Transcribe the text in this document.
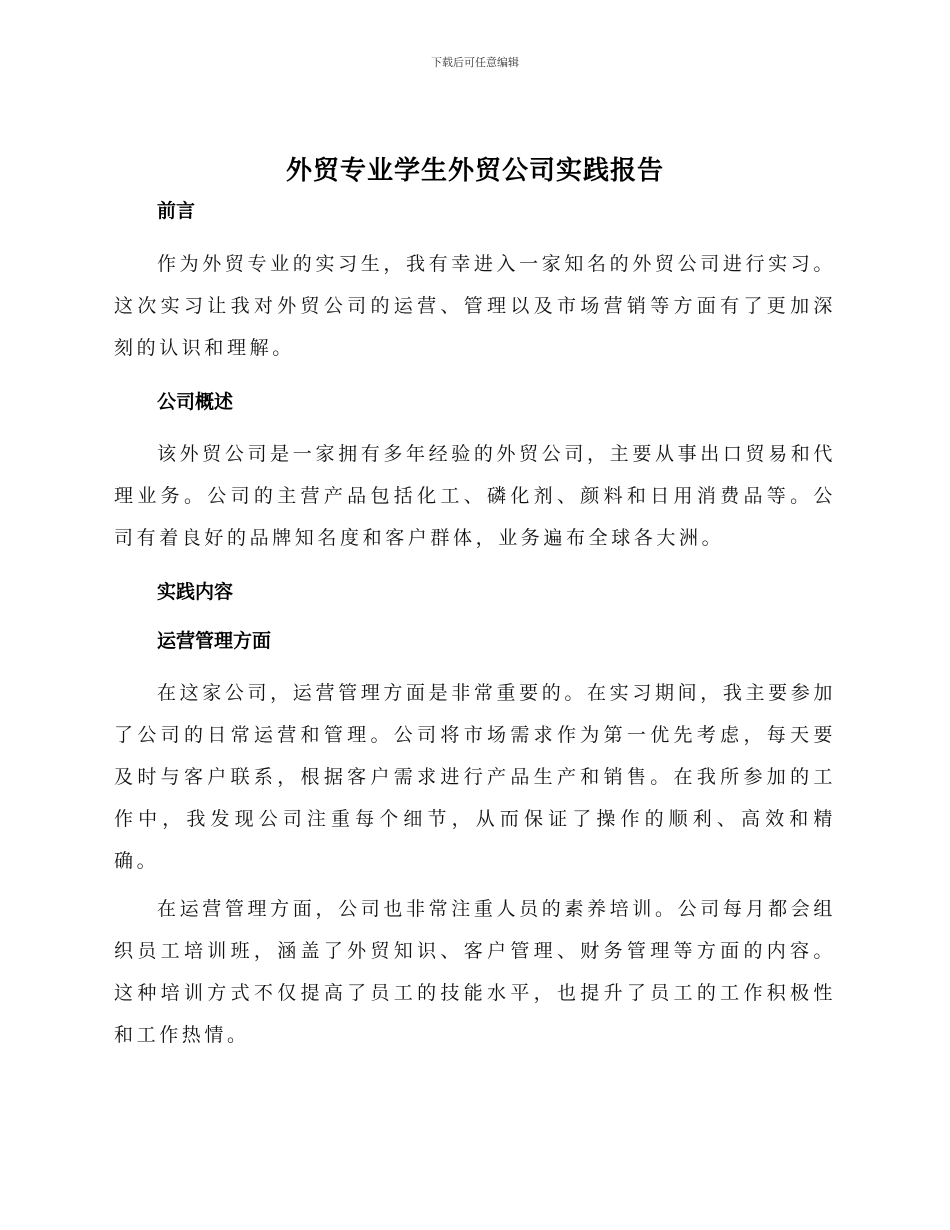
下载后可任意编辑
外贸专业学生外贸公司实践报告
前言

作为外贸专业的实习生，我有幸进入一家知名的外贸公司进行实习。这次实习让我对外贸公司的运营、管理以及市场营销等方面有了更加深刻的认识和理解。

公司概述

该外贸公司是一家拥有多年经验的外贸公司，主要从事出口贸易和代理业务。公司的主营产品包括化工、磷化剂、颜料和日用消费品等。公司有着良好的品牌知名度和客户群体，业务遍布全球各大洲。

实践内容
运营管理方面

在这家公司，运营管理方面是非常重要的。在实习期间，我主要参加了公司的日常运营和管理。公司将市场需求作为第一优先考虑，每天要及时与客户联系，根据客户需求进行产品生产和销售。在我所参加的工作中，我发现公司注重每个细节，从而保证了操作的顺利、高效和精确。

在运营管理方面，公司也非常注重人员的素养培训。公司每月都会组织员工培训班，涵盖了外贸知识、客户管理、财务管理等方面的内容。这种培训方式不仅提高了员工的技能水平，也提升了员工的工作积极性和工作热情。
